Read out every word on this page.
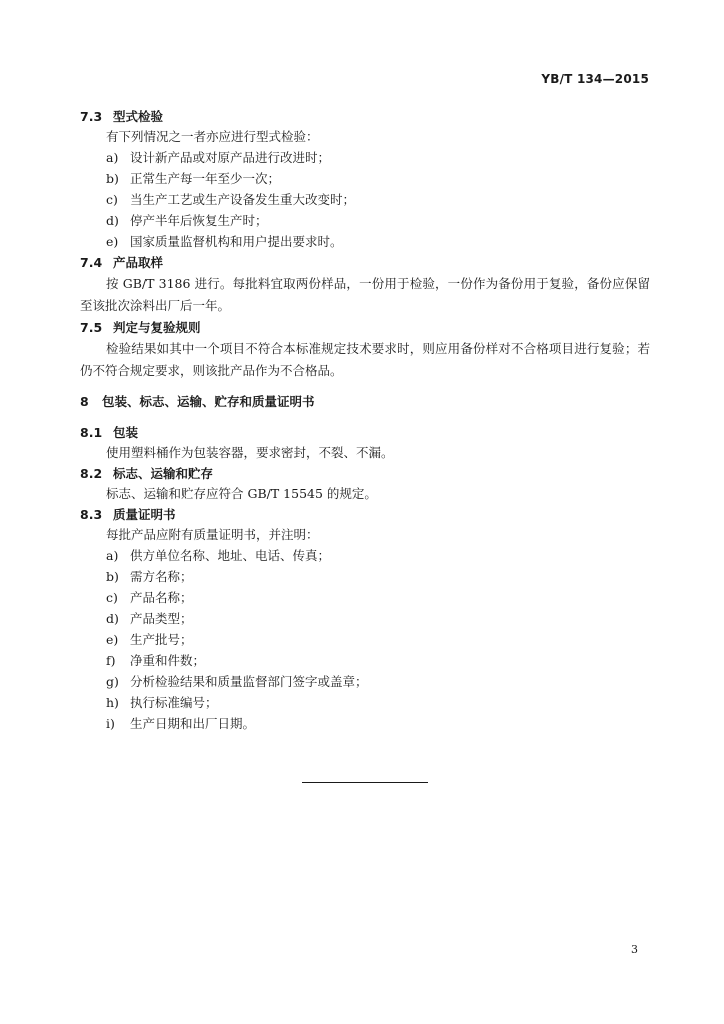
YB/T 134—2015
7.3 型式检验
有下列情况之一者亦应进行型式检验：
a) 设计新产品或对原产品进行改进时；
b) 正常生产每一年至少一次；
c) 当生产工艺或生产设备发生重大改变时；
d) 停产半年后恢复生产时；
e) 国家质量监督机构和用户提出要求时。
7.4 产品取样
按 GB/T 3186 进行。每批料宜取两份样品，一份用于检验，一份作为备份用于复验，备份应保留至该批次涂料出厂后一年。
7.5 判定与复验规则
检验结果如其中一个项目不符合本标准规定技术要求时，则应用备份样对不合格项目进行复验；若仍不符合规定要求，则该批产品作为不合格品。
8 包装、标志、运输、贮存和质量证明书
8.1 包装
使用塑料桶作为包装容器，要求密封，不裂、不漏。
8.2 标志、运输和贮存
标志、运输和贮存应符合 GB/T 15545 的规定。
8.3 质量证明书
每批产品应附有质量证明书，并注明：
a) 供方单位名称、地址、电话、传真；
b) 需方名称；
c) 产品名称；
d) 产品类型；
e) 生产批号；
f) 净重和件数；
g) 分析检验结果和质量监督部门签字或盖章；
h) 执行标准编号；
i) 生产日期和出厂日期。
3
